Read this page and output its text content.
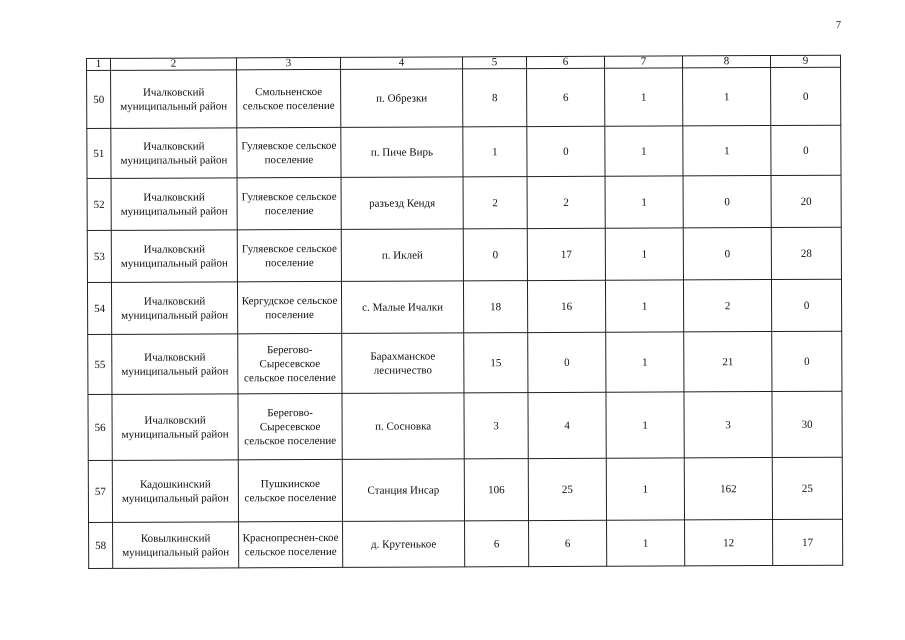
7
1	2	3	4	5	6	7	8	9
50	Ичалковский муниципальный район	Смольненское сельское поселение	п. Обрезки	8	6	1	1	0
51	Ичалковский муниципальный район	Гуляевское сельское поселение	п. Пиче Вирь	1	0	1	1	0
52	Ичалковский муниципальный район	Гуляевское сельское поселение	разъезд Кендя	2	2	1	0	20
53	Ичалковский муниципальный район	Гуляевское сельское поселение	п. Иклей	0	17	1	0	28
54	Ичалковский муниципальный район	Кергудское сельское поселение	с. Малые Ичалки	18	16	1	2	0
55	Ичалковский муниципальный район	Берегово-Сыресевское сельское поселение	Барахманское лесничество	15	0	1	21	0
56	Ичалковский муниципальный район	Берегово-Сыресевское сельское поселение	п. Сосновка	3	4	1	3	30
57	Кадошкинский муниципальный район	Пушкинское сельское поселение	Станция Инсар	106	25	1	162	25
58	Ковылкинский муниципальный район	Краснопреснен-ское сельское поселение	д. Крутенькое	6	6	1	12	17
